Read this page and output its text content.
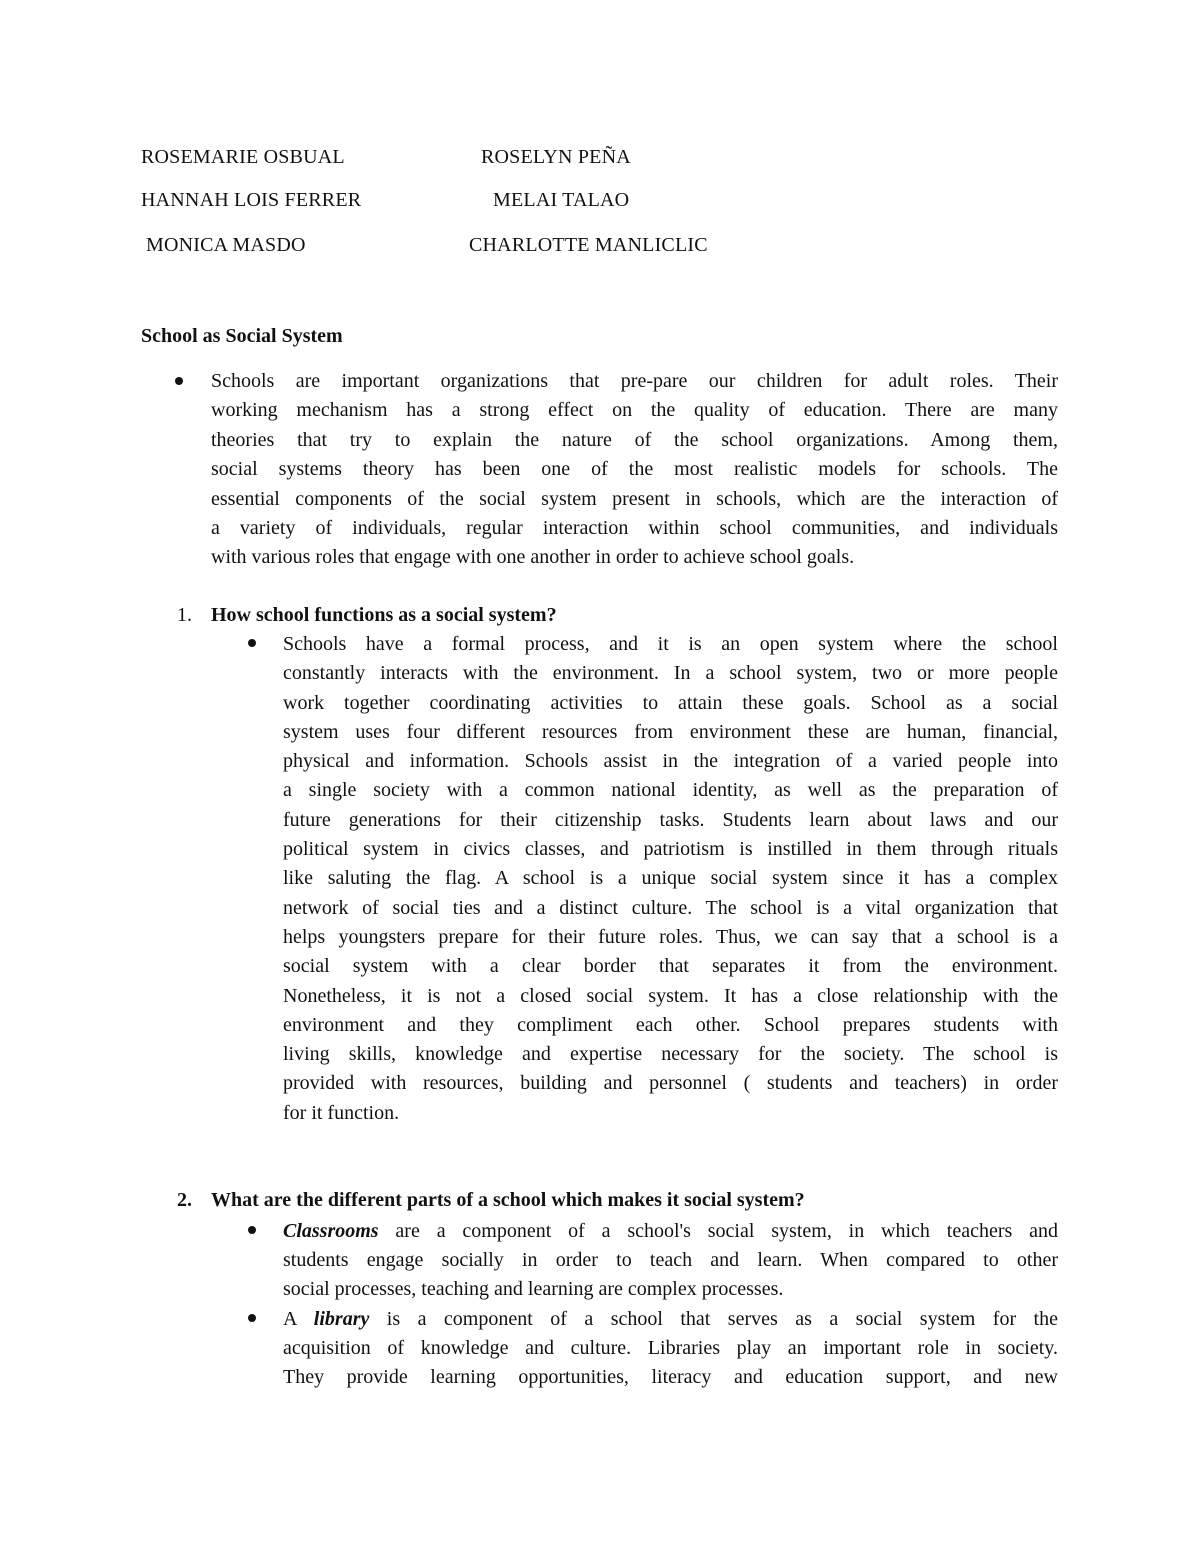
ROSEMARIE OSBUAL
HANNAH LOIS FERRER
MONICA MASDO
ROSELYN PEÑA
MELAI TALAO
CHARLOTTE MANLICLIC
School as Social System
Schools are important organizations that pre-pare our children for adult roles. Their
working mechanism has a strong effect on the quality of education. There are many
theories that try to explain the nature of the school organizations. Among them,
social systems theory has been one of the most realistic models for schools. The
essential components of the social system present in schools, which are the interaction of
a variety of individuals, regular interaction within school communities, and individuals
with various roles that engage with one another in order to achieve school goals.
1. How school functions as a social system?
Schools have a formal process, and it is an open system where the school
constantly interacts with the environment. In a school system, two or more people
work together coordinating activities to attain these goals. School as a social
system uses four different resources from environment these are human, financial,
physical and information. Schools assist in the integration of a varied people into
a single society with a common national identity, as well as the preparation of
future generations for their citizenship tasks. Students learn about laws and our
political system in civics classes, and patriotism is instilled in them through rituals
like saluting the flag. A school is a unique social system since it has a complex
network of social ties and a distinct culture. The school is a vital organization that
helps youngsters prepare for their future roles. Thus, we can say that a school is a
social system with a clear border that separates it from the environment.
Nonetheless, it is not a closed social system. It has a close relationship with the
environment and they compliment each other. School prepares students with
living skills, knowledge and expertise necessary for the society. The school is
provided with resources, building and personnel ( students and teachers) in order
for it function.
2. What are the different parts of a school which makes it social system?
Classrooms are a component of a school's social system, in which teachers and
students engage socially in order to teach and learn. When compared to other
social processes, teaching and learning are complex processes.
A library is a component of a school that serves as a social system for the
acquisition of knowledge and culture. Libraries play an important role in society.
They provide learning opportunities, literacy and education support, and new
